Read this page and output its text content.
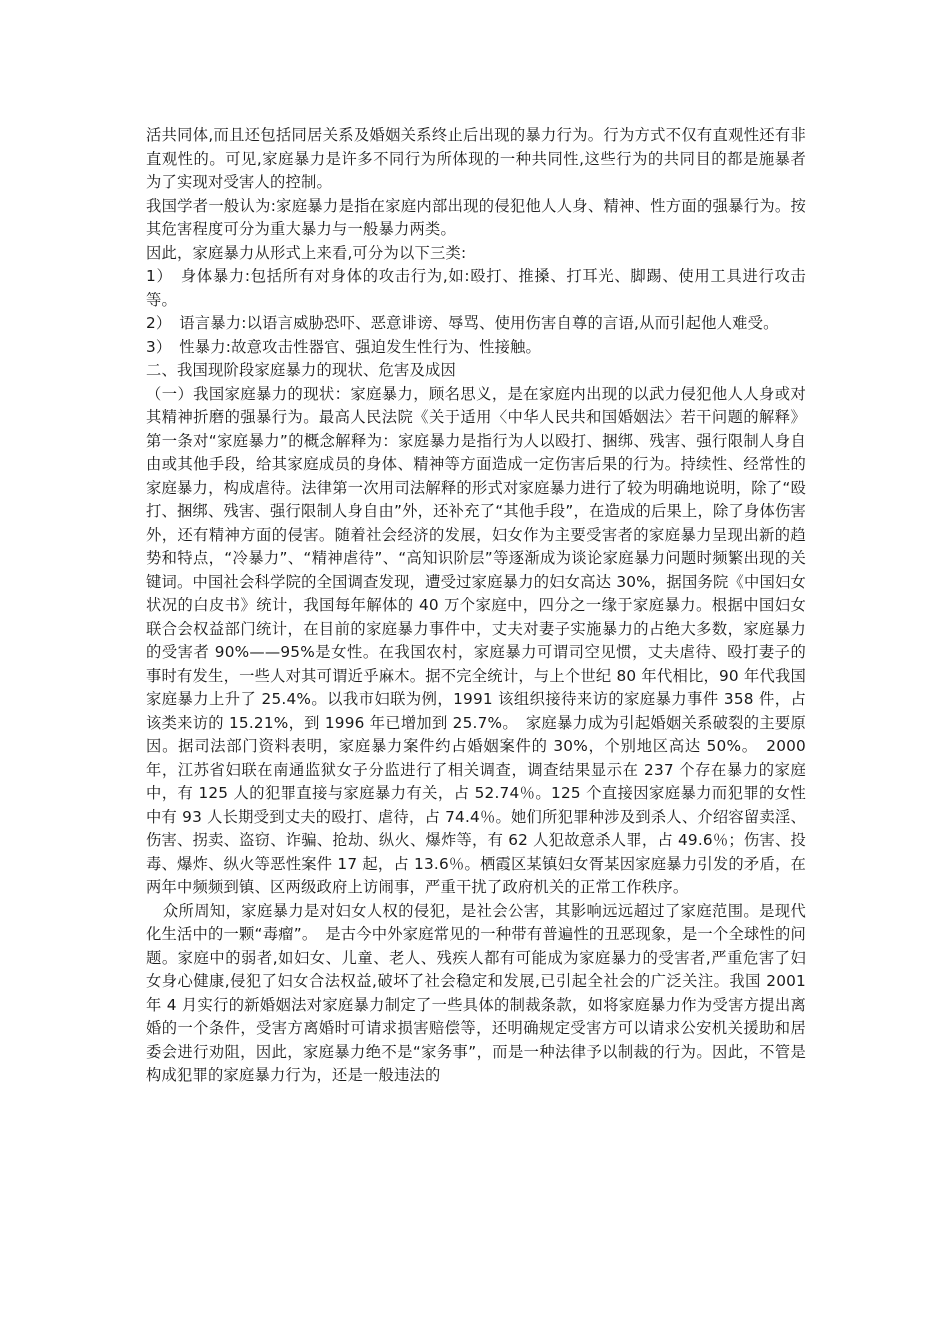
活共同体,而且还包括同居关系及婚姻关系终止后出现的暴力行为。行为方式不仅有直观性还有非直观性的。可见,家庭暴力是许多不同行为所体现的一种共同性,这些行为的共同目的都是施暴者为了实现对受害人的控制。

我国学者一般认为:家庭暴力是指在家庭内部出现的侵犯他人人身、精神、性方面的强暴行为。按其危害程度可分为重大暴力与一般暴力两类。

因此，家庭暴力从形式上来看,可分为以下三类:

1）　身体暴力:包括所有对身体的攻击行为,如:殴打、推搡、打耳光、脚踢、使用工具进行攻击等。

2）　语言暴力:以语言威胁恐吓、恶意诽谤、辱骂、使用伤害自尊的言语,从而引起他人难受。

3）　性暴力:故意攻击性器官、强迫发生性行为、性接触。

二、我国现阶段家庭暴力的现状、危害及成因

（一）我国家庭暴力的现状：家庭暴力，顾名思义，是在家庭内出现的以武力侵犯他人人身或对其精神折磨的强暴行为。最高人民法院《关于适用〈中华人民共和国婚姻法〉若干问题的解释》第一条对“家庭暴力”的概念解释为：家庭暴力是指行为人以殴打、捆绑、残害、强行限制人身自由或其他手段，给其家庭成员的身体、精神等方面造成一定伤害后果的行为。持续性、经常性的家庭暴力，构成虐待。法律第一次用司法解释的形式对家庭暴力进行了较为明确地说明，除了“殴打、捆绑、残害、强行限制人身自由”外，还补充了“其他手段”，在造成的后果上，除了身体伤害外，还有精神方面的侵害。随着社会经济的发展，妇女作为主要受害者的家庭暴力呈现出新的趋势和特点，“冷暴力”、“精神虐待”、“高知识阶层”等逐渐成为谈论家庭暴力问题时频繁出现的关键词。中国社会科学院的全国调查发现，遭受过家庭暴力的妇女高达 30%，据国务院《中国妇女状况的白皮书》统计，我国每年解体的 40 万个家庭中，四分之一缘于家庭暴力。根据中国妇女联合会权益部门统计，在目前的家庭暴力事件中，丈夫对妻子实施暴力的占绝大多数，家庭暴力的受害者 90%——95%是女性。在我国农村，家庭暴力可谓司空见惯，丈夫虐待、殴打妻子的事时有发生，一些人对其可谓近乎麻木。据不完全统计，与上个世纪 80 年代相比，90 年代我国家庭暴力上升了 25.4%。以我市妇联为例，1991 该组织接待来访的家庭暴力事件 358 件，占该类来访的 15.21%，到 1996 年已增加到 25.7%。　家庭暴力成为引起婚姻关系破裂的主要原因。据司法部门资料表明，家庭暴力案件约占婚姻案件的 30%，个别地区高达 50%。　2000 年，江苏省妇联在南通监狱女子分监进行了相关调查，调查结果显示在 237 个存在暴力的家庭中，有 125 人的犯罪直接与家庭暴力有关，占 52.74％。125 个直接因家庭暴力而犯罪的女性中有 93 人长期受到丈夫的殴打、虐待，占 74.4％。她们所犯罪种涉及到杀人、介绍容留卖淫、伤害、拐卖、盗窃、诈骗、抢劫、纵火、爆炸等，有 62 人犯故意杀人罪，占 49.6％；伤害、投毒、爆炸、纵火等恶性案件 17 起，占 13.6％。栖霞区某镇妇女胥某因家庭暴力引发的矛盾，在两年中频频到镇、区两级政府上访闹事，严重干扰了政府机关的正常工作秩序。

众所周知，家庭暴力是对妇女人权的侵犯，是社会公害，其影响远远超过了家庭范围。是现代化生活中的一颗“毒瘤”。　是古今中外家庭常见的一种带有普遍性的丑恶现象，是一个全球性的问题。家庭中的弱者,如妇女、儿童、老人、残疾人都有可能成为家庭暴力的受害者,严重危害了妇女身心健康,侵犯了妇女合法权益,破坏了社会稳定和发展,已引起全社会的广泛关注。我国 2001 年 4 月实行的新婚姻法对家庭暴力制定了一些具体的制裁条款，如将家庭暴力作为受害方提出离婚的一个条件，受害方离婚时可请求损害赔偿等，还明确规定受害方可以请求公安机关援助和居委会进行劝阻，因此，家庭暴力绝不是“家务事”，而是一种法律予以制裁的行为。因此，不管是构成犯罪的家庭暴力行为，还是一般违法的
